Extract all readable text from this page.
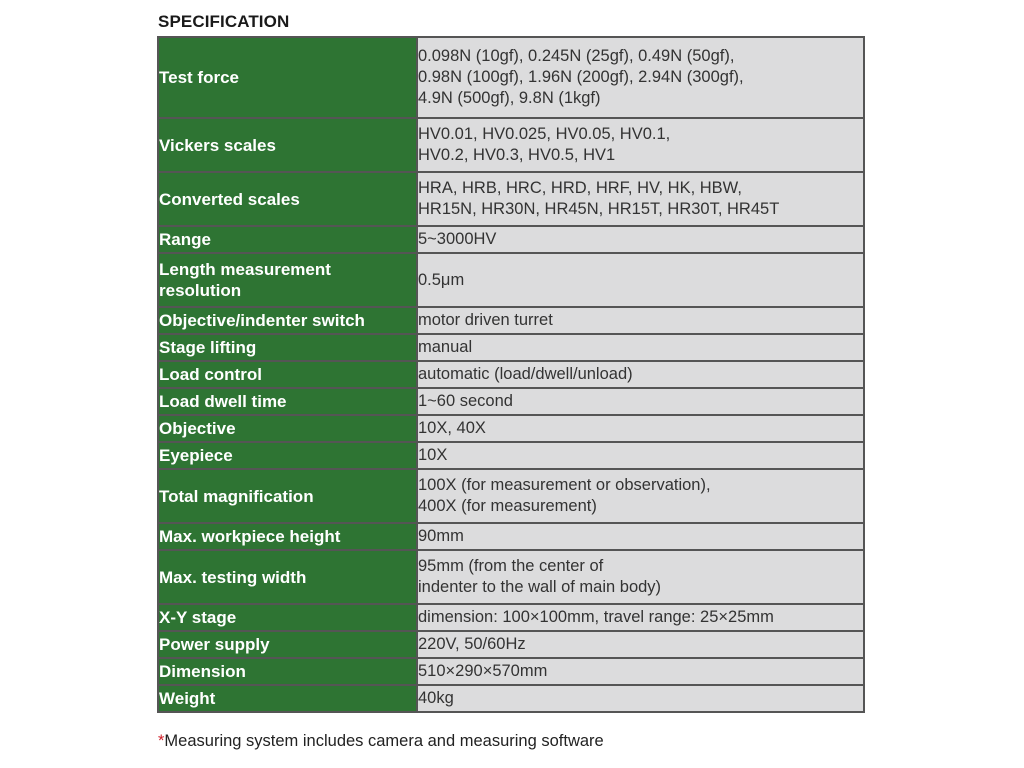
SPECIFICATION
Test force	0.098N (10gf), 0.245N (25gf), 0.49N (50gf),
0.98N (100gf), 1.96N (200gf), 2.94N (300gf),
4.9N (500gf), 9.8N (1kgf)
Vickers scales	HV0.01, HV0.025, HV0.05, HV0.1,
HV0.2, HV0.3, HV0.5, HV1
Converted scales	HRA, HRB, HRC, HRD, HRF, HV, HK, HBW,
HR15N, HR30N, HR45N, HR15T, HR30T, HR45T
Range	5~3000HV
Length measurement
resolution	0.5μm
Objective/indenter switch	motor driven turret
Stage lifting	manual
Load control	automatic (load/dwell/unload)
Load dwell time	1~60 second
Objective	10X, 40X
Eyepiece	10X
Total magnification	100X (for measurement or observation),
400X (for measurement)
Max. workpiece height	90mm
Max. testing width	95mm (from the center of
indenter to the wall of main body)
X-Y stage	dimension: 100×100mm, travel range: 25×25mm
Power supply	220V, 50/60Hz
Dimension	510×290×570mm
Weight	40kg
*Measuring system includes camera and measuring software
